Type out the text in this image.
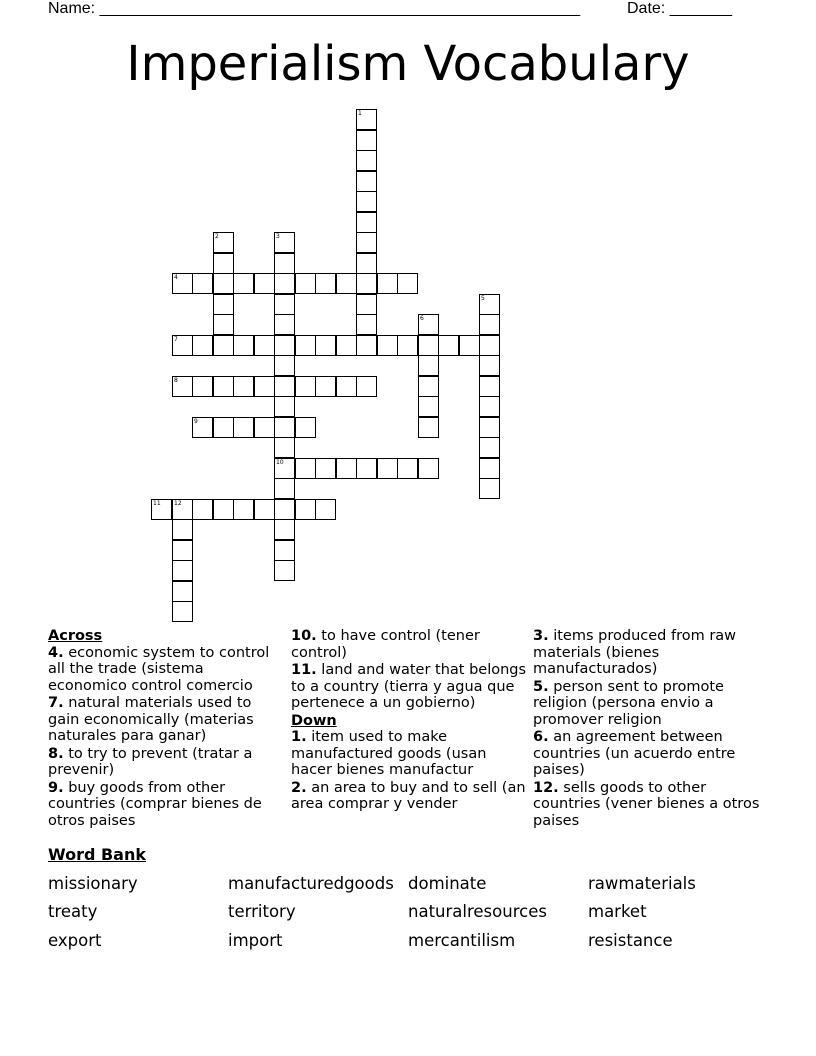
Name: ______________________________________________________	Date: _______
Imperialism Vocabulary
1
2	3
10
4
5
6
7
8
9
11 12
Across
4. economic system to control all the trade (sistema economico control comercio
7. natural materials used to gain economically (materias naturales para ganar)
8. to try to prevent (tratar a prevenir)
9. buy goods from other countries (comprar bienes de otros paises
10. to have control (tener control)
11. land and water that belongs to a country (tierra y agua que pertenece a un gobierno)
Down
1. item used to make manufactured goods (usan hacer bienes manufactur
2. an area to buy and to sell (an area comprar y vender
3. items produced from raw materials (bienes manufacturados)
5. person sent to promote religion (persona envio a promover religion
6. an agreement between countries (un acuerdo entre paises)
12. sells goods to other countries (vener bienes a otros paises
Word Bank
missionary	manufacturedgoods dominate	rawmaterials
treaty	territory	naturalresources market
export	import	mercantilism	resistance
